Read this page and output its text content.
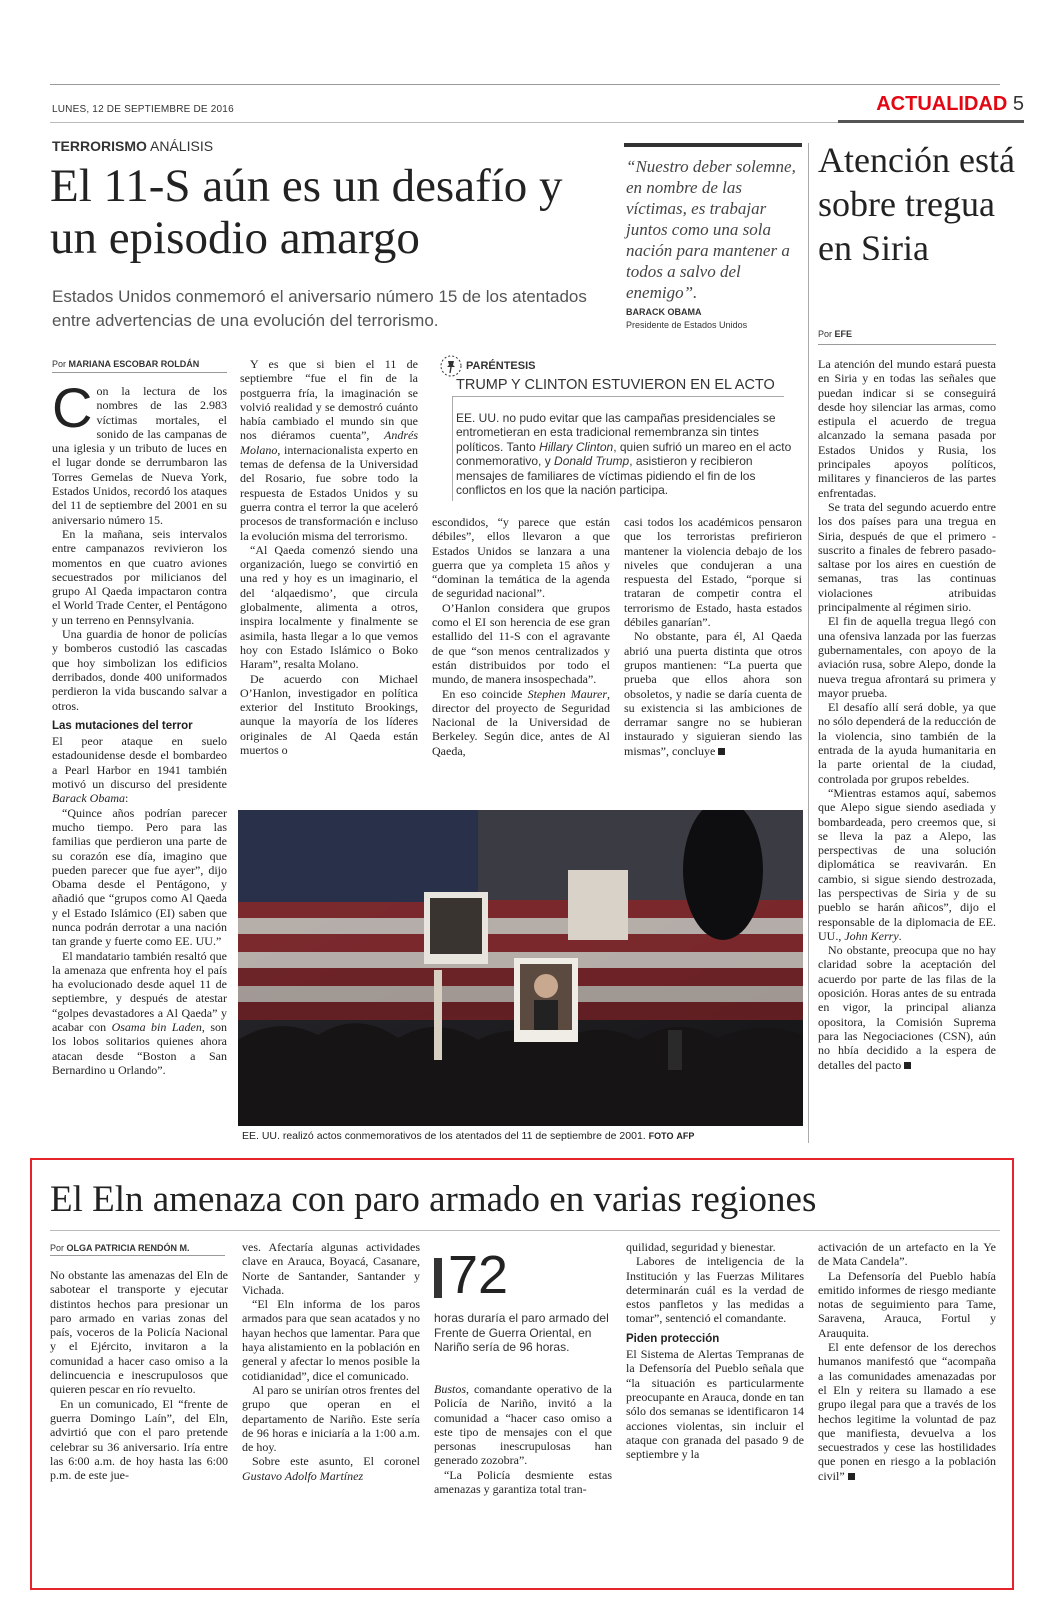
LUNES, 12 DE SEPTIEMBRE DE 2016	ACTUALIDAD 5
TERRORISMO ANÁLISIS
El 11-S aún es un desafío y un episodio amargo
Estados Unidos conmemoró el aniversario número 15 de los atentados entre advertencias de una evolución del terrorismo.
“Nuestro deber solemne, en nombre de las víctimas, es trabajar juntos como una sola nación para mantener a todos a salvo del enemigo”.
BARACK OBAMA
Presidente de Estados Unidos
Atención está sobre tregua en Siria
Por EFE

La atención del mundo estará puesta en Siria y en todas las señales que puedan indicar si se conseguirá desde hoy silenciar las armas, como estipula el acuerdo de tregua alcanzado la semana pasada por Estados Unidos y Rusia, los principales apoyos políticos, militares y financieros de las partes enfrentadas.

Se trata del segundo acuerdo entre los dos países para una tregua en Siria, después de que el primero -suscrito a finales de febrero pasado- saltase por los aires en cuestión de semanas, tras las continuas violaciones atribuidas principalmente al régimen sirio.

El fin de aquella tregua llegó con una ofensiva lanzada por las fuerzas gubernamentales, con apoyo de la aviación rusa, sobre Alepo, donde la nueva tregua afrontará su primera y mayor prueba.

El desafío allí será doble, ya que no sólo dependerá de la reducción de la violencia, sino también de la entrada de la ayuda humanitaria en la parte oriental de la ciudad, controlada por grupos rebeldes.

“Mientras estamos aquí, sabemos que Alepo sigue siendo asediada y bombardeada, pero creemos que, si se lleva la paz a Alepo, las perspectivas de una solución diplomática se reavivarán. En cambio, si sigue siendo destrozada, las perspectivas de Siria y de su pueblo se harán añicos”, dijo el responsable de la diplomacia de EE. UU., John Kerry.

No obstante, preocupa que no hay claridad sobre la aceptación del acuerdo por parte de las filas de la oposición. Horas antes de su entrada en vigor, la principal alianza opositora, la Comisión Suprema para las Negociaciones (CSN), aún no hbía decidido a la espera de detalles del pacto

Por MARIANA ESCOBAR ROLDÁN

Con la lectura de los nombres de las 2.983 víctimas mortales, el sonido de las campanas de una iglesia y un tributo de luces en el lugar donde se derrumbaron las Torres Gemelas de Nueva York, Estados Unidos, recordó los ataques del 11 de septiembre del 2001 en su aniversario número 15.

En la mañana, seis intervalos entre campanazos revivieron los momentos en que cuatro aviones secuestrados por milicianos del grupo Al Qaeda impactaron contra el World Trade Center, el Pentágono y un terreno en Pennsylvania.

Una guardia de honor de policías y bomberos custodió las cascadas que hoy simbolizan los edificios derribados, donde 400 uniformados perdieron la vida buscando salvar a otros.

Las mutaciones del terror

El peor ataque en suelo estadounidense desde el bombardeo a Pearl Harbor en 1941 también motivó un discurso del presidente Barack Obama:

“Quince años podrían parecer mucho tiempo. Pero para las familias que perdieron una parte de su corazón ese día, imagino que pueden parecer que fue ayer”, dijo Obama desde el Pentágono, y añadió que “grupos como Al Qaeda y el Estado Islámico (EI) saben que nunca podrán derrotar a una nación tan grande y fuerte como EE. UU.”

El mandatario también resaltó que la amenaza que enfrenta hoy el país ha evolucionado desde aquel 11 de septiembre, y después de atestar “golpes devastadores a Al Qaeda” y acabar con Osama bin Laden, son los lobos solitarios quienes ahora atacan desde “Boston a San Bernardino u Orlando”.

Y es que si bien el 11 de septiembre “fue el fin de la postguerra fría, la imaginación se volvió realidad y se demostró cuánto había cambiado el mundo sin que nos diéramos cuenta”, Andrés Molano, internacionalista experto en temas de defensa de la Universidad del Rosario, fue sobre todo la respuesta de Estados Unidos y su guerra contra el terror la que aceleró procesos de transformación e incluso la evolución misma del terrorismo.

“Al Qaeda comenzó siendo una organización, luego se convirtió en una red y hoy es un imaginario, el del ‘alqaedismo’, que circula globalmente, alimenta a otros, inspira localmente y finalmente se asimila, hasta llegar a lo que vemos hoy con Estado Islámico o Boko Haram”, resalta Molano.

De acuerdo con Michael O’Hanlon, investigador en política exterior del Instituto Brookings, aunque la mayoría de los líderes originales de Al Qaeda están muertos o

PARÉNTESIS
TRUMP Y CLINTON ESTUVIERON EN EL ACTO
EE. UU. no pudo evitar que las campañas presidenciales se entrometieran en esta tradicional remembranza sin tintes políticos. Tanto Hillary Clinton, quien sufrió un mareo en el acto conmemorativo, y Donald Trump, asistieron y recibieron mensajes de familiares de víctimas pidiendo el fin de los conflictos en los que la nación participa.

escondidos, “y parece que están débiles”, ellos llevaron a que Estados Unidos se lanzara a una guerra que ya completa 15 años y “dominan la temática de la agenda de seguridad nacional”.

O’Hanlon considera que grupos como el EI son herencia de ese gran estallido del 11-S con el agravante de que “son menos centralizados y están distribuidos por todo el mundo, de manera insospechada”.

En eso coincide Stephen Maurer, director del proyecto de Seguridad Nacional de la Universidad de Berkeley. Según dice, antes de Al Qaeda,

casi todos los académicos pensaron que los terroristas prefirieron mantener la violencia debajo de los niveles que condujeran a una respuesta del Estado, “porque si trataran de competir contra el terrorismo de Estado, hasta estados débiles ganarían”.

No obstante, para él, Al Qaeda abrió una puerta distinta que otros grupos mantienen: “La puerta que prueba que ellos ahora son obsoletos, y nadie se daría cuenta de su existencia si las ambiciones de derramar sangre no se hubieran instaurado y siguieran siendo las mismas”, concluye

EE. UU. realizó actos conmemorativos de los atentados del 11 de septiembre de 2001. FOTO AFP
El Eln amenaza con paro armado en varias regiones
Por OLGA PATRICIA RENDÓN M.

No obstante las amenazas del Eln de sabotear el transporte y ejecutar distintos hechos para presionar un paro armado en varias zonas del país, voceros de la Policía Nacional y el Ejército, invitaron a la comunidad a hacer caso omiso a la delincuencia e inescrupulosos que quieren pescar en río revuelto.

En un comunicado, El “frente de guerra Domingo Laín”, del Eln, advirtió que con el paro pretende celebrar su 36 aniversario. Iría entre las 6:00 a.m. de hoy hasta las 6:00 p.m. de este jue-

ves. Afectaría algunas actividades clave en Arauca, Boyacá, Casanare, Norte de Santander, Santander y Vichada.

“El Eln informa de los paros armados para que sean acatados y no hayan hechos que lamentar. Para que haya alistamiento en la población en general y afectar lo menos posible la cotidianidad”, dice el comunicado.

Al paro se unirían otros frentes del grupo que operan en el departamento de Nariño. Este sería de 96 horas e iniciaría a la 1:00 a.m. de hoy.

Sobre este asunto, El coronel Gustavo Adolfo Martínez

72
horas duraría el paro armado del Frente de Guerra Oriental, en Nariño sería de 96 horas.

Bustos, comandante operativo de la Policía de Nariño, invitó a la comunidad a “hacer caso omiso a este tipo de mensajes con el que personas inescrupulosas han generado zozobra”.

“La Policía desmiente estas amenazas y garantiza total tran-

quilidad, seguridad y bienestar.

Labores de inteligencia de la Institución y las Fuerzas Militares determinarán cuál es la verdad de estos panfletos y las medidas a tomar”, sentenció el comandante.

Piden protección

El Sistema de Alertas Tempranas de la Defensoría del Pueblo señala que “la situación es particularmente preocupante en Arauca, donde en tan sólo dos semanas se identificaron 14 acciones violentas, sin incluir el ataque con granada del pasado 9 de septiembre y la

activación de un artefacto en la Ye de Mata Candela”.

La Defensoría del Pueblo había emitido informes de riesgo mediante notas de seguimiento para Tame, Saravena, Arauca, Fortul y Arauquita.

El ente defensor de los derechos humanos manifestó que “acompaña a las comunidades amenazadas por el Eln y reitera su llamado a ese grupo ilegal para que a través de los hechos legitime la voluntad de paz que manifiesta, devuelva a los secuestrados y cese las hostilidades que ponen en riesgo a la población civil”
